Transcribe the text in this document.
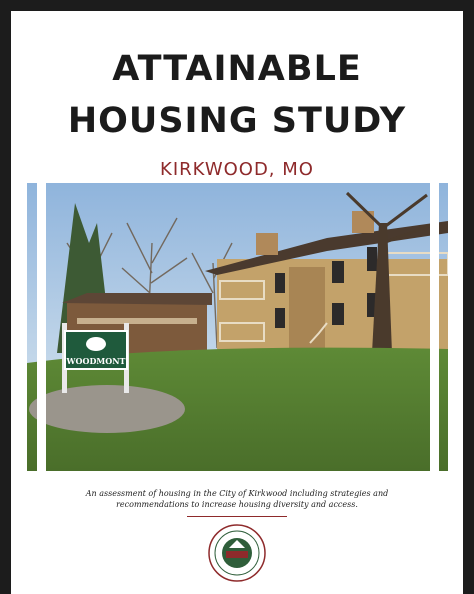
ATTAINABLE
HOUSING STUDY
KIRKWOOD, MO
WOODMONT
An assessment of housing in the City of Kirkwood including strategies and recommendations to increase housing diversity and access.
